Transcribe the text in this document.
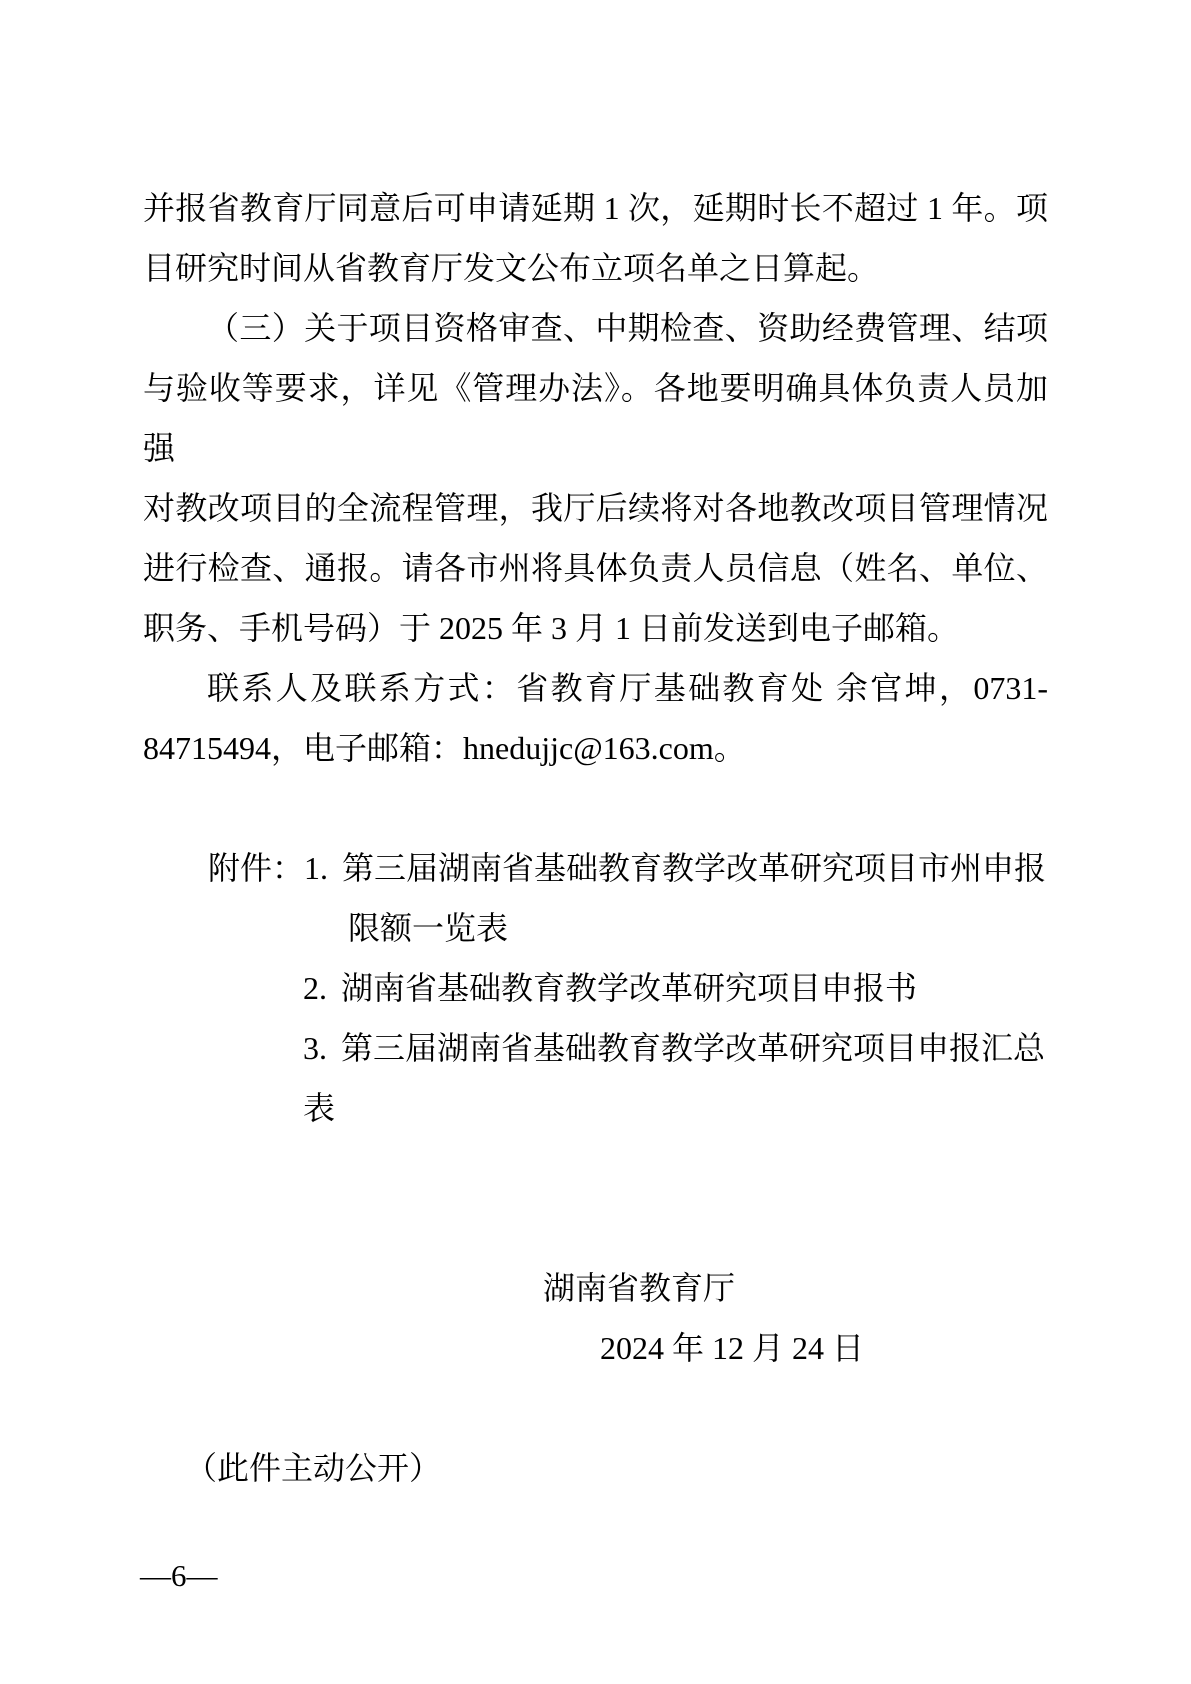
并报省教育厅同意后可申请延期 1 次，延期时长不超过 1 年。项
目研究时间从省教育厅发文公布立项名单之日算起。
（三）关于项目资格审查、中期检查、资助经费管理、结项
与验收等要求，详见《管理办法》。各地要明确具体负责人员加强
对教改项目的全流程管理，我厅后续将对各地教改项目管理情况
进行检查、通报。请各市州将具体负责人员信息（姓名、单位、
职务、手机号码）于 2025 年 3 月 1 日前发送到电子邮箱。
联系人及联系方式：省教育厅基础教育处 余官坤，0731-
84715494，电子邮箱：hnedujjc@163.com。
附件：1. 第三届湖南省基础教育教学改革研究项目市州申报
限额一览表
2. 湖南省基础教育教学改革研究项目申报书
3. 第三届湖南省基础教育教学改革研究项目申报汇总表
湖南省教育厅
2024 年 12 月 24 日
（此件主动公开）
—6—
